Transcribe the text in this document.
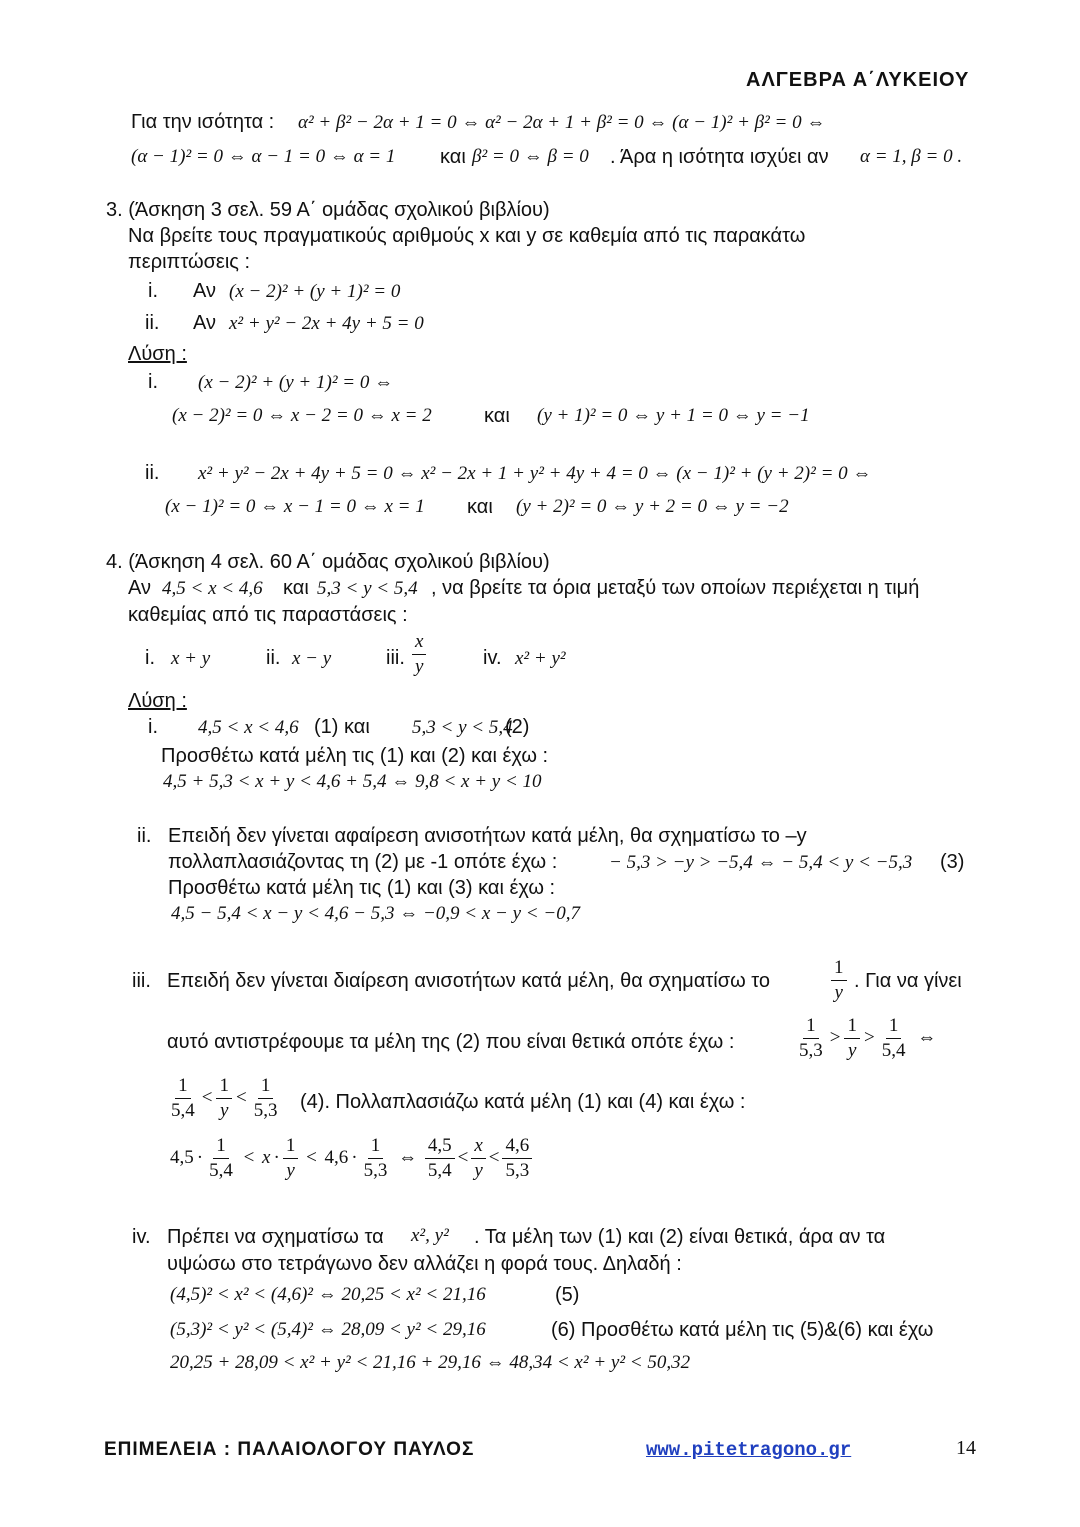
ΑΛΓΕΒΡΑ Α΄ΛΥΚΕΙΟΥ
Για την ισότητα : α² + β² − 2α + 1 = 0 ⇔ α² − 2α + 1 + β² = 0 ⇔ (α − 1)² + β² = 0 ⇔
(α − 1)² = 0 ⇔ α − 1 = 0 ⇔ α = 1 και β² = 0 ⇔ β = 0 . Άρα η ισότητα ισχύει αν α = 1, β = 0 .
3. (Άσκηση 3 σελ. 59 Α΄ ομάδας σχολικού βιβλίου)
Να βρείτε τους πραγματικούς αριθμούς x και y σε καθεμία από τις παρακάτω
περιπτώσεις :
i. Αν (x − 2)² + (y + 1)² = 0
ii. Αν x² + y² − 2x + 4y + 5 = 0
Λύση :
i. (x − 2)² + (y + 1)² = 0 ⇔
(x − 2)² = 0 ⇔ x − 2 = 0 ⇔ x = 2	και (y + 1)² = 0 ⇔ y + 1 = 0 ⇔ y = −1
ii. x² + y² − 2x + 4y + 5 = 0 ⇔ x² − 2x + 1 + y² + 4y + 4 = 0 ⇔ (x − 1)² + (y + 2)² = 0 ⇔
(x − 1)² = 0 ⇔ x − 1 = 0 ⇔ x = 1 και (y + 2)² = 0 ⇔ y + 2 = 0 ⇔ y = −2
4. (Άσκηση 4 σελ. 60 Α΄ ομάδας σχολικού βιβλίου)
Αν 4,5 < x < 4,6 και 5,3 < y < 5,4 , να βρείτε τα όρια μεταξύ των οποίων περιέχεται η τιμή
καθεμίας από τις παραστάσεις :
i. x + y	ii. x − y	iii. $\frac{x}{y}$	iv. x² + y²
Λύση :
i. 4,5 < x < 4,6 (1) και 5,3 < y < 5,4
(2)
Προσθέτω κατά μέλη τις (1) και (2) και έχω :
4,5 + 5,3 < x + y < 4,6 + 5,4 ⇔ 9,8 < x + y < 10
ii. Επειδή δεν γίνεται αφαίρεση ανισοτήτων κατά μέλη, θα σχηματίσω το –y
πολλαπλασιάζοντας τη (2) με -1 οπότε έχω :	− 5,3 > −y > −5,4 ⇔ − 5,4 < y < −5,3 (3)
Προσθέτω κατά μέλη τις (1) και (3) και έχω :
4,5 − 5,4 < x − y < 4,6 − 5,3 ⇔ −0,9 < x − y < −0,7
iii. Επειδή δεν γίνεται διαίρεση ανισοτήτων κατά μέλη, θα σχηματίσω το	$\frac{1}{y}$ . Για να γίνει
αυτό αντιστρέφουμε τα μέλη της (2) που είναι θετικά οπότε έχω :	$\frac{1}{5,3} > \frac{1}{y} > \frac{1}{5,4}$ ⇔
$\frac{1}{5,4} < \frac{1}{y} < \frac{1}{5,3} (4)$. Πολλαπλασιάζω κατά μέλη (1) και (4) και έχω :
$4,5 \cdot \frac{1}{5,4} < x \cdot \frac{1}{y} < 4,6 \cdot \frac{1}{5,3}$ ⇔ $\frac{4,5}{5,4} < \frac{x}{y} < \frac{4,6}{5,3}$
iv. Πρέπει να σχηματίσω τα x², y² . Τα μέλη των (1) και (2) είναι θετικά, άρα αν τα
υψώσω στο τετράγωνο δεν αλλάζει η φορά τους. Δηλαδή :
(4,5)² < x² < (4,6)² ⇔ 20,25 < x² < 21,16	(5)
(5,3)² < y² < (5,4)² ⇔ 28,09 < y² < 29,16	(6) Προσθέτω κατά μέλη τις (5)&(6) και έχω
20,25 + 28,09 < x² + y² < 21,16 + 29,16 ⇔ 48,34 < x² + y² < 50,32
ΕΠΙΜΕΛΕΙΑ : ΠΑΛΑΙΟΛΟΓΟΥ ΠΑΥΛΟΣ	www.pitetragono.gr	14
